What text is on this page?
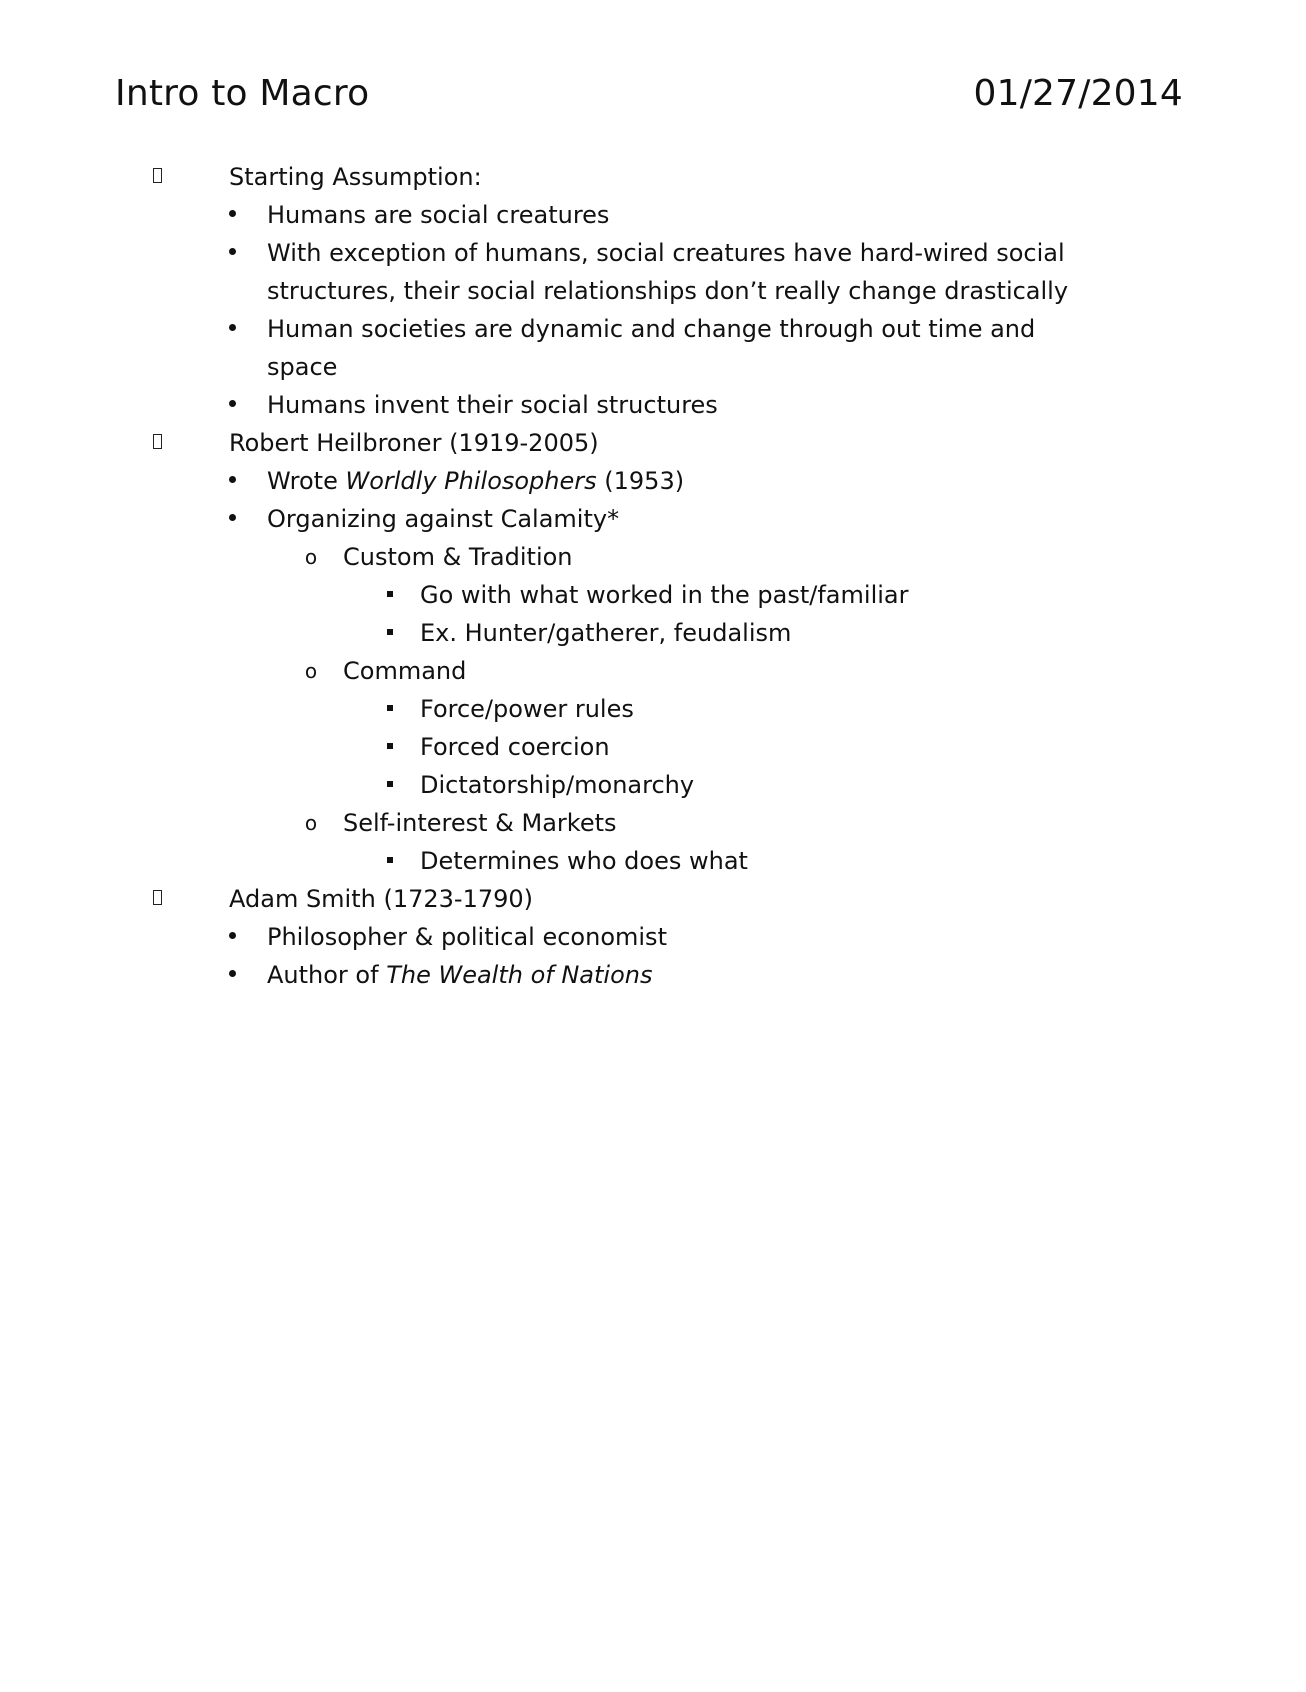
Intro to Macro	01/27/2014
Starting Assumption:
Humans are social creatures
With exception of humans, social creatures have hard-wired social
structures, their social relationships don’t really change drastically
Human societies are dynamic and change through out time and
space
Humans invent their social structures
Robert Heilbroner (1919-2005)
Wrote Worldly Philosophers (1953)
Organizing against Calamity*
o Custom & Tradition
Go with what worked in the past/familiar
Ex. Hunter/gatherer, feudalism
o Command
Force/power rules
Forced coercion
Dictatorship/monarchy
o Self-interest & Markets
Determines who does what
Adam Smith (1723-1790)
Philosopher & political economist
Author of The Wealth of Nations
